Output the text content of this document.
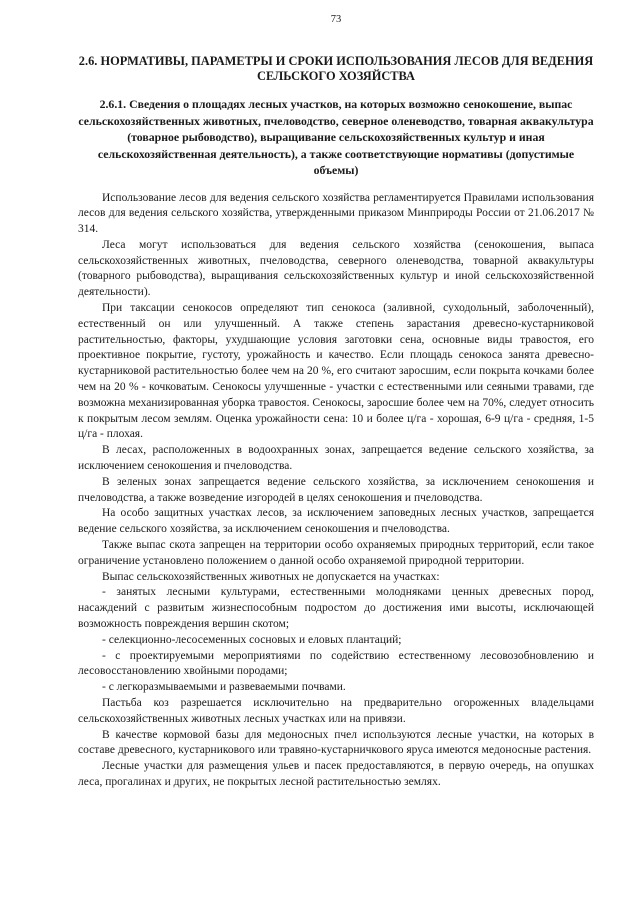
73
2.6. НОРМАТИВЫ, ПАРАМЕТРЫ И СРОКИ ИСПОЛЬЗОВАНИЯ ЛЕСОВ ДЛЯ ВЕДЕНИЯ СЕЛЬСКОГО ХОЗЯЙСТВА
2.6.1. Сведения о площадях лесных участков, на которых возможно сенокошение, выпас сельскохозяйственных животных, пчеловодство, северное оленеводство, товарная аквакультура (товарное рыбоводство), выращивание сельскохозяйственных культур и иная сельскохозяйственная деятельность), а также соответствующие нормативы (допустимые объемы)

Использование лесов для ведения сельского хозяйства регламентируется Правилами использования лесов для ведения сельского хозяйства, утвержденными приказом Минприроды России от 21.06.2017 № 314.

Леса могут использоваться для ведения сельского хозяйства (сенокошения, выпаса сельскохозяйственных животных, пчеловодства, северного оленеводства, товарной аквакультуры (товарного рыбоводства), выращивания сельскохозяйственных культур и иной сельскохозяйственной деятельности).

При таксации сенокосов определяют тип сенокоса (заливной, суходольный, заболоченный), естественный он или улучшенный. А также степень зарастания древесно-кустарниковой растительностью, факторы, ухудшающие условия заготовки сена, основные виды травостоя, его проективное покрытие, густоту, урожайность и качество. Если площадь сенокоса занята древесно-кустарниковой растительностью более чем на 20 %, его считают заросшим, если покрыта кочками более чем на 20 % - кочковатым. Сенокосы улучшенные - участки с естественными или сеяными травами, где возможна механизированная уборка травостоя. Сенокосы, заросшие более чем на 70%, следует относить к покрытым лесом землям. Оценка урожайности сена: 10 и более ц/га - хорошая, 6-9 ц/га - средняя, 1-5 ц/га - плохая.

В лесах, расположенных в водоохранных зонах, запрещается ведение сельского хозяйства, за исключением сенокошения и пчеловодства.

В зеленых зонах запрещается ведение сельского хозяйства, за исключением сенокошения и пчеловодства, а также возведение изгородей в целях сенокошения и пчеловодства.

На особо защитных участках лесов, за исключением заповедных лесных участков, запрещается ведение сельского хозяйства, за исключением сенокошения и пчеловодства.

Также выпас скота запрещен на территории особо охраняемых природных территорий, если такое ограничение установлено положением о данной особо охраняемой природной территории.

Выпас сельскохозяйственных животных не допускается на участках:

- занятых лесными культурами, естественными молодняками ценных древесных пород, насаждений с развитым жизнеспособным подростом до достижения ими высоты, исключающей возможность повреждения вершин скотом;

- селекционно-лесосеменных сосновых и еловых плантаций;

- с проектируемыми мероприятиями по содействию естественному лесовозобновлению и лесовосстановлению хвойными породами;

- с легкоразмываемыми и развеваемыми почвами.

Пастьба коз разрешается исключительно на предварительно огороженных владельцами сельскохозяйственных животных лесных участках или на привязи.

В качестве кормовой базы для медоносных пчел используются лесные участки, на которых в составе древесного, кустарникового или травяно-кустарничкового яруса имеются медоносные растения.

Лесные участки для размещения ульев и пасек предоставляются, в первую очередь, на опушках леса, прогалинах и других, не покрытых лесной растительностью землях.
